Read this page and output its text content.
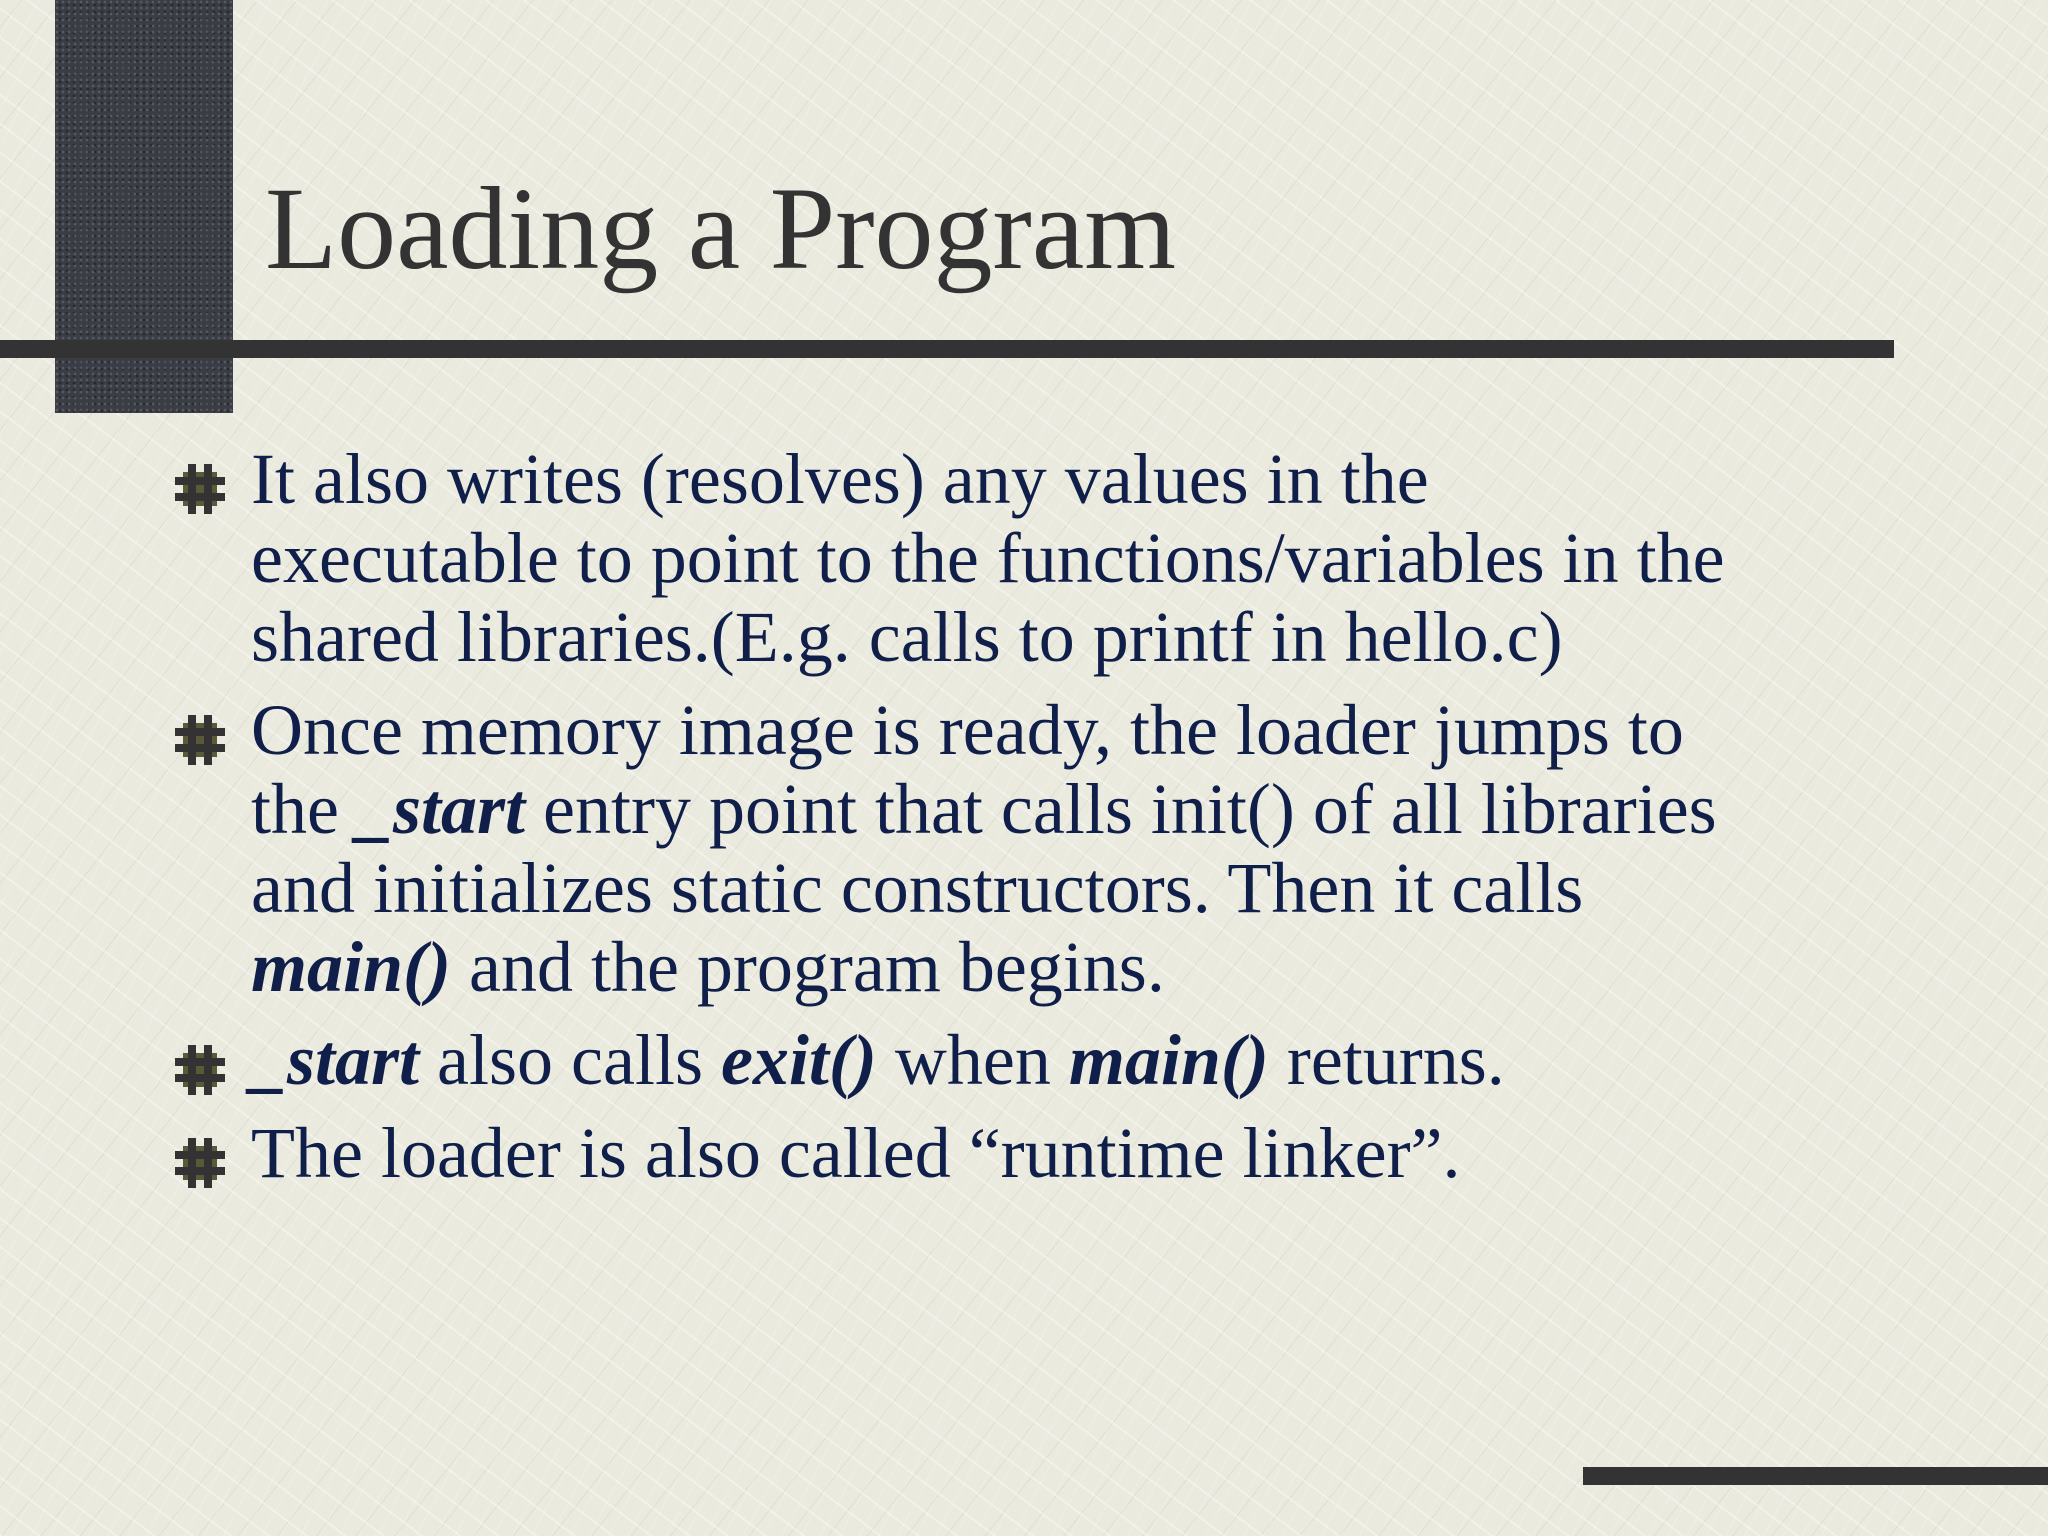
Loading a Program
It also writes (resolves) any values in the
executable to point to the functions/variables in the
shared libraries.(E.g. calls to printf in hello.c)
Once memory image is ready, the loader jumps to
the _start entry point that calls init() of all libraries
and initializes static constructors. Then it calls
main() and the program begins.
_start also calls exit() when main() returns.
The loader is also called “runtime linker”.
